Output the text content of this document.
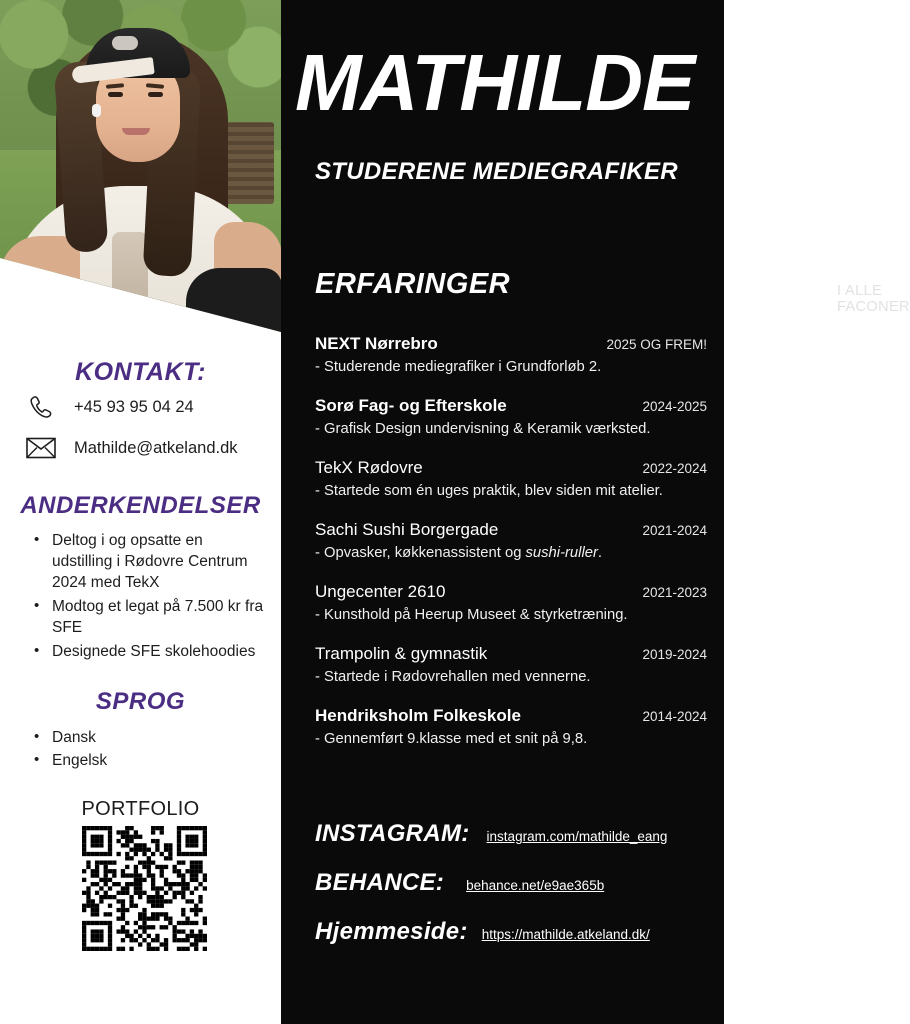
MATHILDE
STUDERENE MEDIEGRAFIKER
ERFARINGER	I ALLE FACONER
NEXT Nørrebro	2025 OG FREM!
- Studerende mediegrafiker i Grundforløb 2.
Sorø Fag- og Efterskole	2024-2025
- Grafisk Design undervisning & Keramik værksted.
TekX Rødovre	2022-2024
- Startede som én uges praktik, blev siden mit atelier.
Sachi Sushi Borgergade	2021-2024
- Opvasker, køkkenassistent og sushi-ruller.
Ungecenter 2610	2021-2023
- Kunsthold på Heerup Museet & styrketræning.
Trampolin & gymnastik	2019-2024
- Startede i Rødovrehallen med vennerne.
Hendriksholm Folkeskole	2014-2024
- Gennemført 9.klasse med et snit på 9,8.
INSTAGRAM: instagram.com/mathilde_eang
BEHANCE: behance.net/e9ae365b
Hjemmeside: https://mathilde.atkeland.dk/
KONTAKT:
+45 93 95 04 24
Mathilde@atkeland.dk
ANDERKENDELSER
• Deltog i og opsatte en udstilling i Rødovre Centrum 2024 med TekX
• Modtog et legat på 7.500 kr fra SFE
• Designede SFE skolehoodies
SPROG
• Dansk
• Engelsk
PORTFOLIO
